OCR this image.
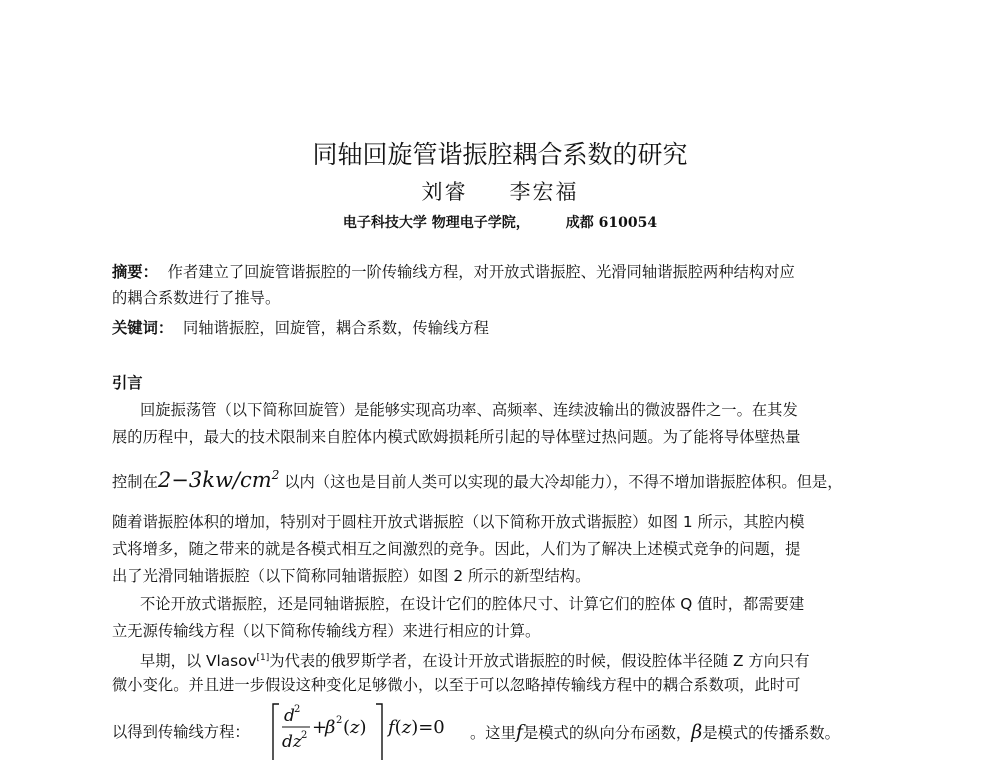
同轴回旋管谐振腔耦合系数的研究
刘睿 李宏福
电子科技大学 物理电子学院，	成都 610054
摘要： 作者建立了回旋管谐振腔的一阶传输线方程，对开放式谐振腔、光滑同轴谐振腔两种结构对应
的耦合系数进行了推导。
关键词： 同轴谐振腔，回旋管，耦合系数，传输线方程
引言
回旋振荡管（以下简称回旋管）是能够实现高功率、高频率、连续波输出的微波器件之一。在其发
展的历程中，最大的技术限制来自腔体内模式欧姆损耗所引起的导体壁过热问题。为了能将导体壁热量
控制在$2-3kw/cm^2$ 以内（这也是目前人类可以实现的最大冷却能力），不得不增加谐振腔体积。但是，
随着谐振腔体积的增加，特别对于圆柱开放式谐振腔（以下简称开放式谐振腔）如图 1 所示，其腔内模
式将增多，随之带来的就是各模式相互之间激烈的竞争。因此，人们为了解决上述模式竞争的问题，提
出了光滑同轴谐振腔（以下简称同轴谐振腔）如图 2 所示的新型结构。
不论开放式谐振腔，还是同轴谐振腔，在设计它们的腔体尺寸、计算它们的腔体 Q 值时，都需要建
立无源传输线方程（以下简称传输线方程）来进行相应的计算。
早期，以 Vlasov[1]为代表的俄罗斯学者，在设计开放式谐振腔的时候，假设腔体半径随 Z 方向只有
微小变化。并且进一步假设这种变化足够微小，以至于可以忽略掉传输线方程中的耦合系数项，此时可
以得到传输线方程：
d 2
dz 2 +
β 2 (z) f(z)=0 。这里f是模式的纵向分布函数，β是模式的传播系数。
